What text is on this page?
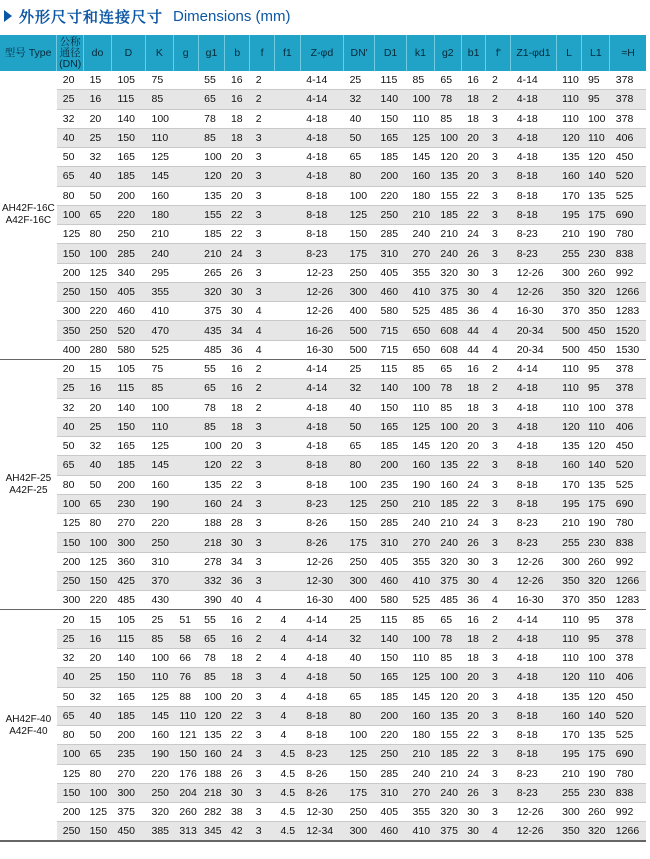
外形尺寸和连接尺寸 Dimensions (mm)
型号 Type	公称通径(DN)	do	D	K	g	g1	b	f	f1	Z-φd	DN'	D1	k1	g2	b1	f'	Z1-φd1	L	L1	≈H

AH42F-16C
A42F-16C	20	15	105	75		55	16	2		4-14	25	115	85	65	16	2	4-14	110	95	378
	25	16	115	85		65	16	2		4-14	32	140	100	78	18	2	4-18	110	95	378
	32	20	140	100		78	18	2		4-18	40	150	110	85	18	3	4-18	110	100	378
	40	25	150	110		85	18	3		4-18	50	165	125	100	20	3	4-18	120	110	406
	50	32	165	125		100	20	3		4-18	65	185	145	120	20	3	4-18	135	120	450
	65	40	185	145		120	20	3		4-18	80	200	160	135	20	3	8-18	160	140	520
	80	50	200	160		135	20	3		8-18	100	220	180	155	22	3	8-18	170	135	525
	100	65	220	180		155	22	3		8-18	125	250	210	185	22	3	8-18	195	175	690
	125	80	250	210		185	22	3		8-18	150	285	240	210	24	3	8-23	210	190	780
	150	100	285	240		210	24	3		8-23	175	310	270	240	26	3	8-23	255	230	838
	200	125	340	295		265	26	3		12-23	250	405	355	320	30	3	12-26	300	260	992
	250	150	405	355		320	30	3		12-26	300	460	410	375	30	4	12-26	350	320	1266
	300	220	460	410		375	30	4		12-26	400	580	525	485	36	4	16-30	370	350	1283
	350	250	520	470		435	34	4		16-26	500	715	650	608	44	4	20-34	500	450	1520
	400	280	580	525		485	36	4		16-30	500	715	650	608	44	4	20-34	500	450	1530

AH42F-25
A42F-25	20	15	105	75		55	16	2		4-14	25	115	85	65	16	2	4-14	110	95	378
	25	16	115	85		65	16	2		4-14	32	140	100	78	18	2	4-18	110	95	378
	32	20	140	100		78	18	2		4-18	40	150	110	85	18	3	4-18	110	100	378
	40	25	150	110		85	18	3		4-18	50	165	125	100	20	3	4-18	120	110	406
	50	32	165	125		100	20	3		4-18	65	185	145	120	20	3	4-18	135	120	450
	65	40	185	145		120	22	3		8-18	80	200	160	135	22	3	8-18	160	140	520
	80	50	200	160		135	22	3		8-18	100	235	190	160	24	3	8-18	170	135	525
	100	65	230	190		160	24	3		8-23	125	250	210	185	22	3	8-18	195	175	690
	125	80	270	220		188	28	3		8-26	150	285	240	210	24	3	8-23	210	190	780
	150	100	300	250		218	30	3		8-26	175	310	270	240	26	3	8-23	255	230	838
	200	125	360	310		278	34	3		12-26	250	405	355	320	30	3	12-26	300	260	992
	250	150	425	370		332	36	3		12-30	300	460	410	375	30	4	12-26	350	320	1266
	300	220	485	430		390	40	4		16-30	400	580	525	485	36	4	16-30	370	350	1283

AH42F-40
A42F-40	20	15	105	25	51	55	16	2	4	4-14	25	115	85	65	16	2	4-14	110	95	378
	25	16	115	85	58	65	16	2	4	4-14	32	140	100	78	18	2	4-18	110	95	378
	32	20	140	100	66	78	18	2	4	4-18	40	150	110	85	18	3	4-18	110	100	378
	40	25	150	110	76	85	18	3	4	4-18	50	165	125	100	20	3	4-18	120	110	406
	50	32	165	125	88	100	20	3	4	4-18	65	185	145	120	20	3	4-18	135	120	450
	65	40	185	145	110	120	22	3	4	8-18	80	200	160	135	20	3	8-18	160	140	520
	80	50	200	160	121	135	22	3	4	8-18	100	220	180	155	22	3	8-18	170	135	525
	100	65	235	190	150	160	24	3	4.5	8-23	125	250	210	185	22	3	8-18	195	175	690
	125	80	270	220	176	188	26	3	4.5	8-26	150	285	240	210	24	3	8-23	210	190	780
	150	100	300	250	204	218	30	3	4.5	8-26	175	310	270	240	26	3	8-23	255	230	838
	200	125	375	320	260	282	38	3	4.5	12-30	250	405	355	320	30	3	12-26	300	260	992
	250	150	450	385	313	345	42	3	4.5	12-34	300	460	410	375	30	4	12-26	350	320	1266
